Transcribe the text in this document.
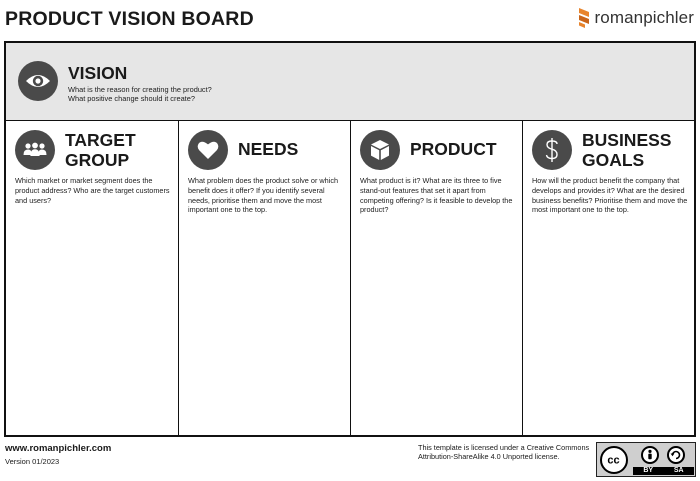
PRODUCT VISION BOARD	romanpichler
VISION
What is the reason for creating the product?
What positive change should it create?
TARGET
GROUP
Which market or market segment does the product address? Who are the target customers and users?
NEEDS
What problem does the product solve or which benefit does it offer? If you identify several needs, prioritise them and move the most important one to the top.
PRODUCT
What product is it? What are its three to five stand-out features that set it apart from competing offering? Is it feasible to develop the product?
BUSINESS
GOALS
How will the product benefit the company that develops and provides it? What are the desired business benefits? Prioritise them and move the most important one to the top.
www.romanpichler.com
Version 01/2023
This template is licensed under a Creative Commons Attribution-ShareAlike 4.0 Unported license.	cc
BY	SA
